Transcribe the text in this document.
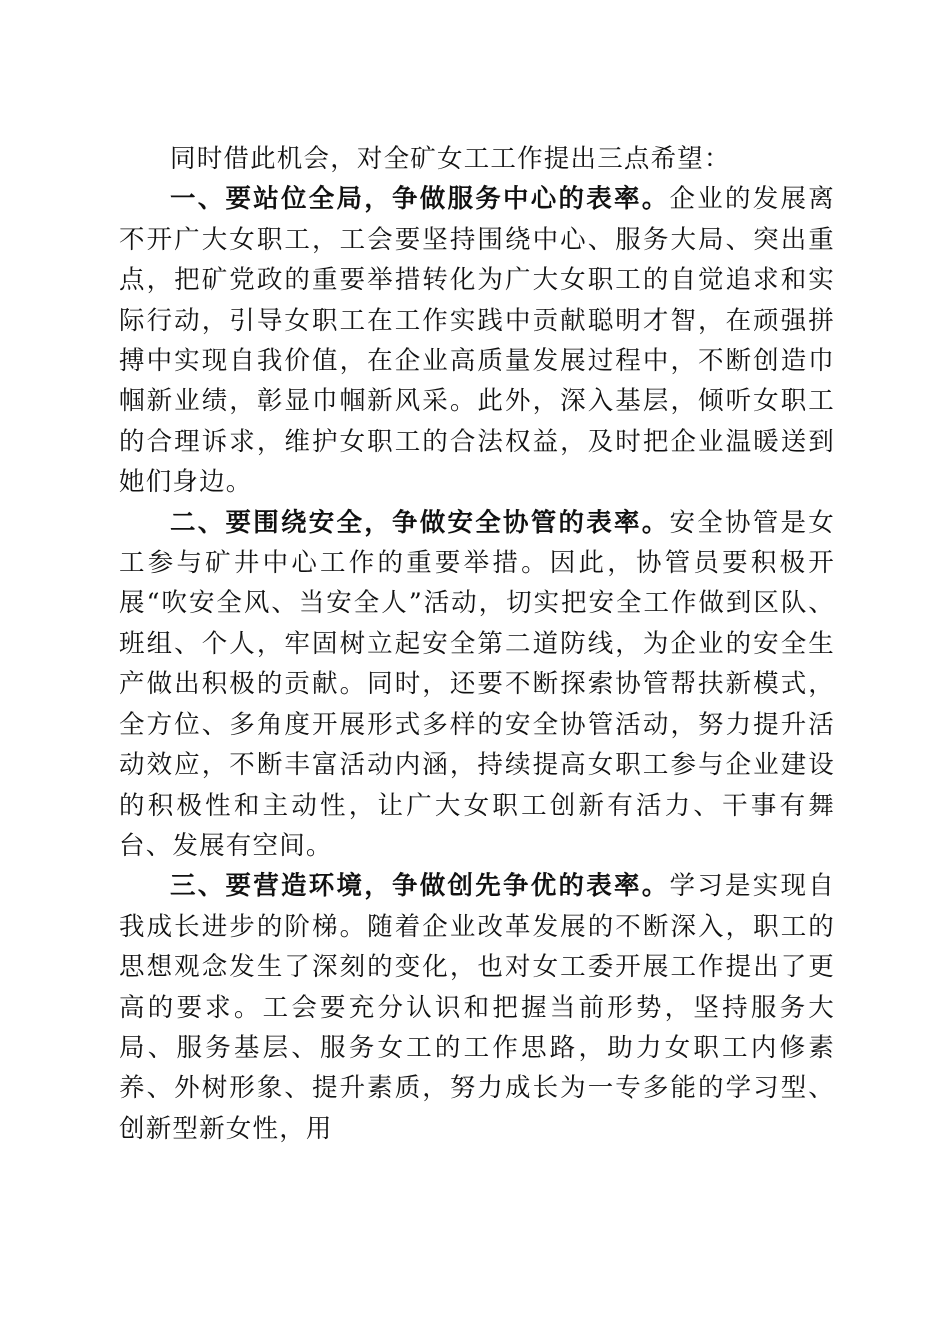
同时借此机会，对全矿女工工作提出三点希望：

一、要站位全局，争做服务中心的表率。企业的发展离不开广大女职工，工会要坚持围绕中心、服务大局、突出重点，把矿党政的重要举措转化为广大女职工的自觉追求和实际行动，引导女职工在工作实践中贡献聪明才智，在顽强拼搏中实现自我价值，在企业高质量发展过程中，不断创造巾帼新业绩，彰显巾帼新风采。此外，深入基层，倾听女职工的合理诉求，维护女职工的合法权益，及时把企业温暖送到她们身边。

二、要围绕安全，争做安全协管的表率。安全协管是女工参与矿井中心工作的重要举措。因此，协管员要积极开展“吹安全风、当安全人”活动，切实把安全工作做到区队、班组、个人，牢固树立起安全第二道防线，为企业的安全生产做出积极的贡献。同时，还要不断探索协管帮扶新模式，全方位、多角度开展形式多样的安全协管活动，努力提升活动效应，不断丰富活动内涵，持续提高女职工参与企业建设的积极性和主动性，让广大女职工创新有活力、干事有舞台、发展有空间。

三、要营造环境，争做创先争优的表率。学习是实现自我成长进步的阶梯。随着企业改革发展的不断深入，职工的思想观念发生了深刻的变化，也对女工委开展工作提出了更高的要求。工会要充分认识和把握当前形势，坚持服务大局、服务基层、服务女工的工作思路，助力女职工内修素养、外树形象、提升素质，努力成长为一专多能的学习型、创新型新女性，用
